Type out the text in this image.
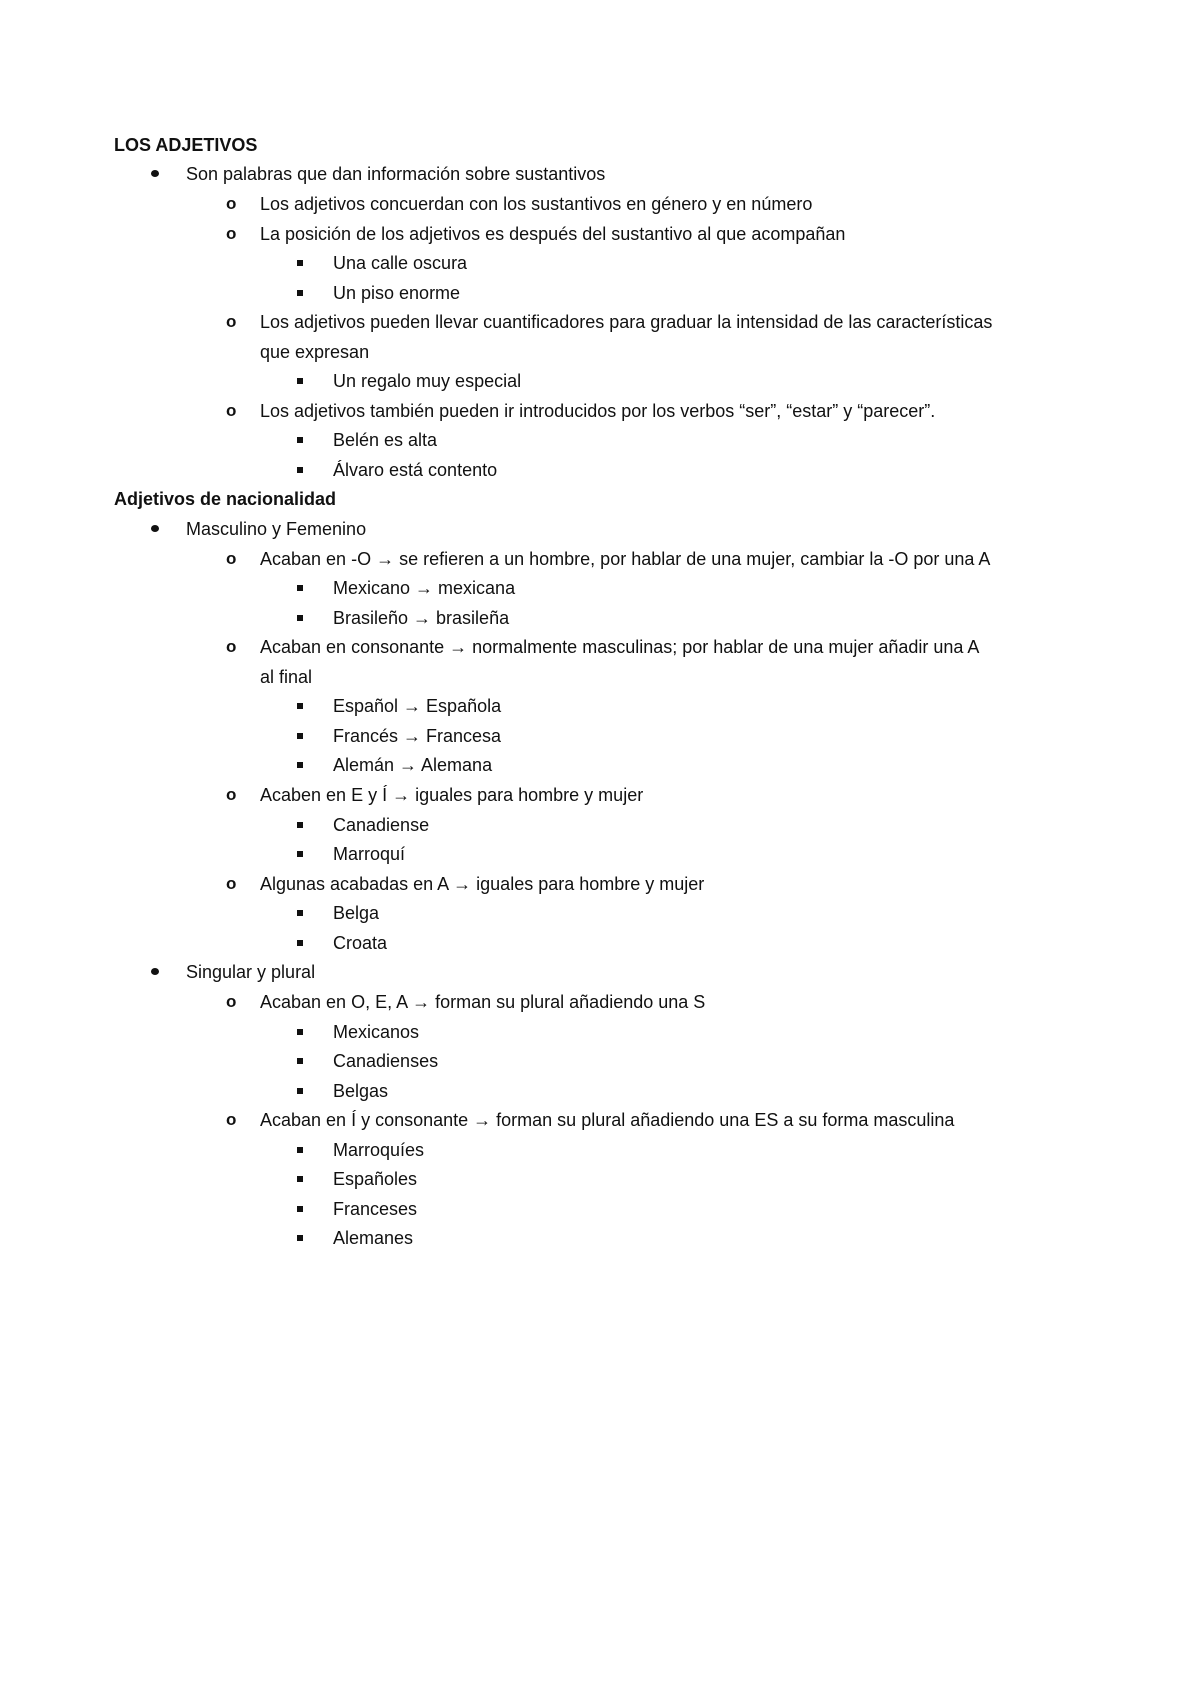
LOS ADJETIVOS
Son palabras que dan información sobre sustantivos
o Los adjetivos concuerdan con los sustantivos en género y en número
o La posición de los adjetivos es después del sustantivo al que acompañan
Una calle oscura
Un piso enorme
o Los adjetivos pueden llevar cuantificadores para graduar la intensidad de las características
que expresan
Un regalo muy especial
o Los adjetivos también pueden ir introducidos por los verbos “ser”, “estar” y “parecer”.
Belén es alta
Álvaro está contento
Adjetivos de nacionalidad
Masculino y Femenino
o Acaban en -O → se refieren a un hombre, por hablar de una mujer, cambiar la -O por una A
Mexicano → mexicana
Brasileño → brasileña
o Acaban en consonante → normalmente masculinas; por hablar de una mujer añadir una A
al final
Español → Española
Francés → Francesa
Alemán → Alemana
o Acaben en E y Í → iguales para hombre y mujer
Canadiense
Marroquí
o Algunas acabadas en A → iguales para hombre y mujer
Belga
Croata
Singular y plural
o Acaban en O, E, A → forman su plural añadiendo una S
Mexicanos
Canadienses
Belgas
o Acaban en Í y consonante → forman su plural añadiendo una ES a su forma masculina
Marroquíes
Españoles
Franceses
Alemanes
